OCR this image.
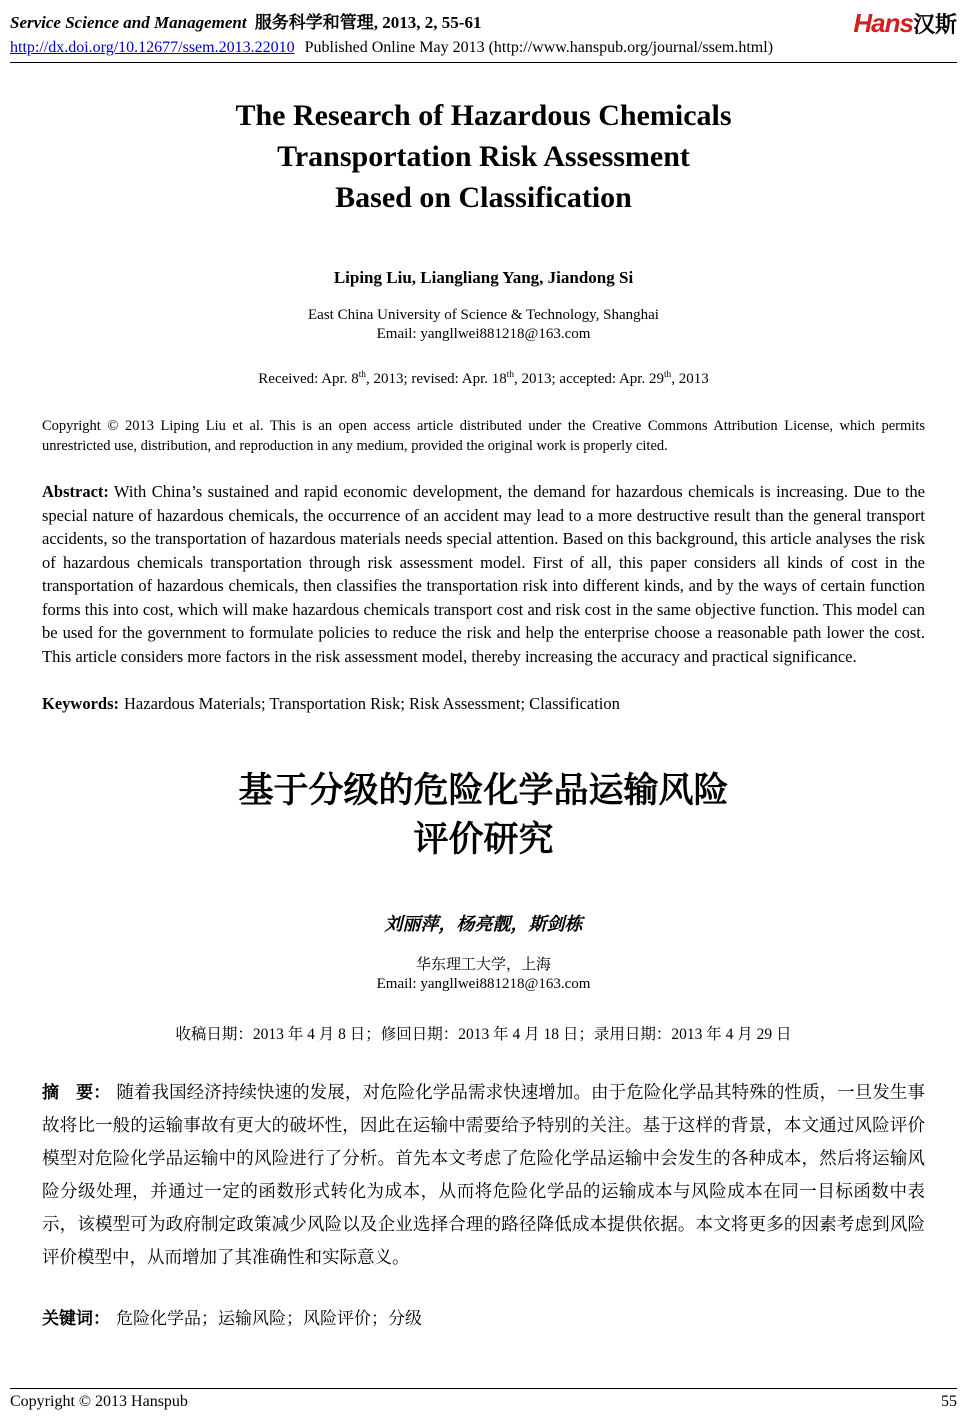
Service Science and Management 服务科学和管理, 2013, 2, 55-61	Hans汉斯
http://dx.doi.org/10.12677/ssem.2013.22010 Published Online May 2013 (http://www.hanspub.org/journal/ssem.html)
The Research of Hazardous Chemicals
Transportation Risk Assessment
Based on Classification
Liping Liu, Liangliang Yang, Jiandong Si
East China University of Science & Technology, Shanghai
Email: yangllwei881218@163.com
Received: Apr. 8th, 2013; revised: Apr. 18th, 2013; accepted: Apr. 29th, 2013
Copyright © 2013 Liping Liu et al. This is an open access article distributed under the Creative Commons Attribution License, which permits unrestricted use, distribution, and reproduction in any medium, provided the original work is properly cited.
Abstract: With China’s sustained and rapid economic development, the demand for hazardous chemicals is increasing. Due to the special nature of hazardous chemicals, the occurrence of an accident may lead to a more destructive result than the general transport accidents, so the transportation of hazardous materials needs special attention. Based on this background, this article analyses the risk of hazardous chemicals transportation through risk assessment model. First of all, this paper considers all kinds of cost in the transportation of hazardous chemicals, then classifies the transportation risk into different kinds, and by the ways of certain function forms this into cost, which will make hazardous chemicals transport cost and risk cost in the same objective function. This model can be used for the government to formulate policies to reduce the risk and help the enterprise choose a reasonable path lower the cost. This article considers more factors in the risk assessment model, thereby increasing the accuracy and practical significance.
Keywords: Hazardous Materials; Transportation Risk; Risk Assessment; Classification
基于分级的危险化学品运输风险
评价研究
刘丽萍，杨亮靓，斯剑栋
华东理工大学，上海
Email: yangllwei881218@163.com
收稿日期：2013 年 4 月 8 日；修回日期：2013 年 4 月 18 日；录用日期：2013 年 4 月 29 日
摘　要： 随着我国经济持续快速的发展，对危险化学品需求快速增加。由于危险化学品其特殊的性质，一旦发生事故将比一般的运输事故有更大的破坏性，因此在运输中需要给予特别的关注。基于这样的背景，本文通过风险评价模型对危险化学品运输中的风险进行了分析。首先本文考虑了危险化学品运输中会发生的各种成本，然后将运输风险分级处理，并通过一定的函数形式转化为成本，从而将危险化学品的运输成本与风险成本在同一目标函数中表示，该模型可为政府制定政策减少风险以及企业选择合理的路径降低成本提供依据。本文将更多的因素考虑到风险评价模型中，从而增加了其准确性和实际意义。
关键词： 危险化学品；运输风险；风险评价；分级
Copyright © 2013 Hanspub	55
